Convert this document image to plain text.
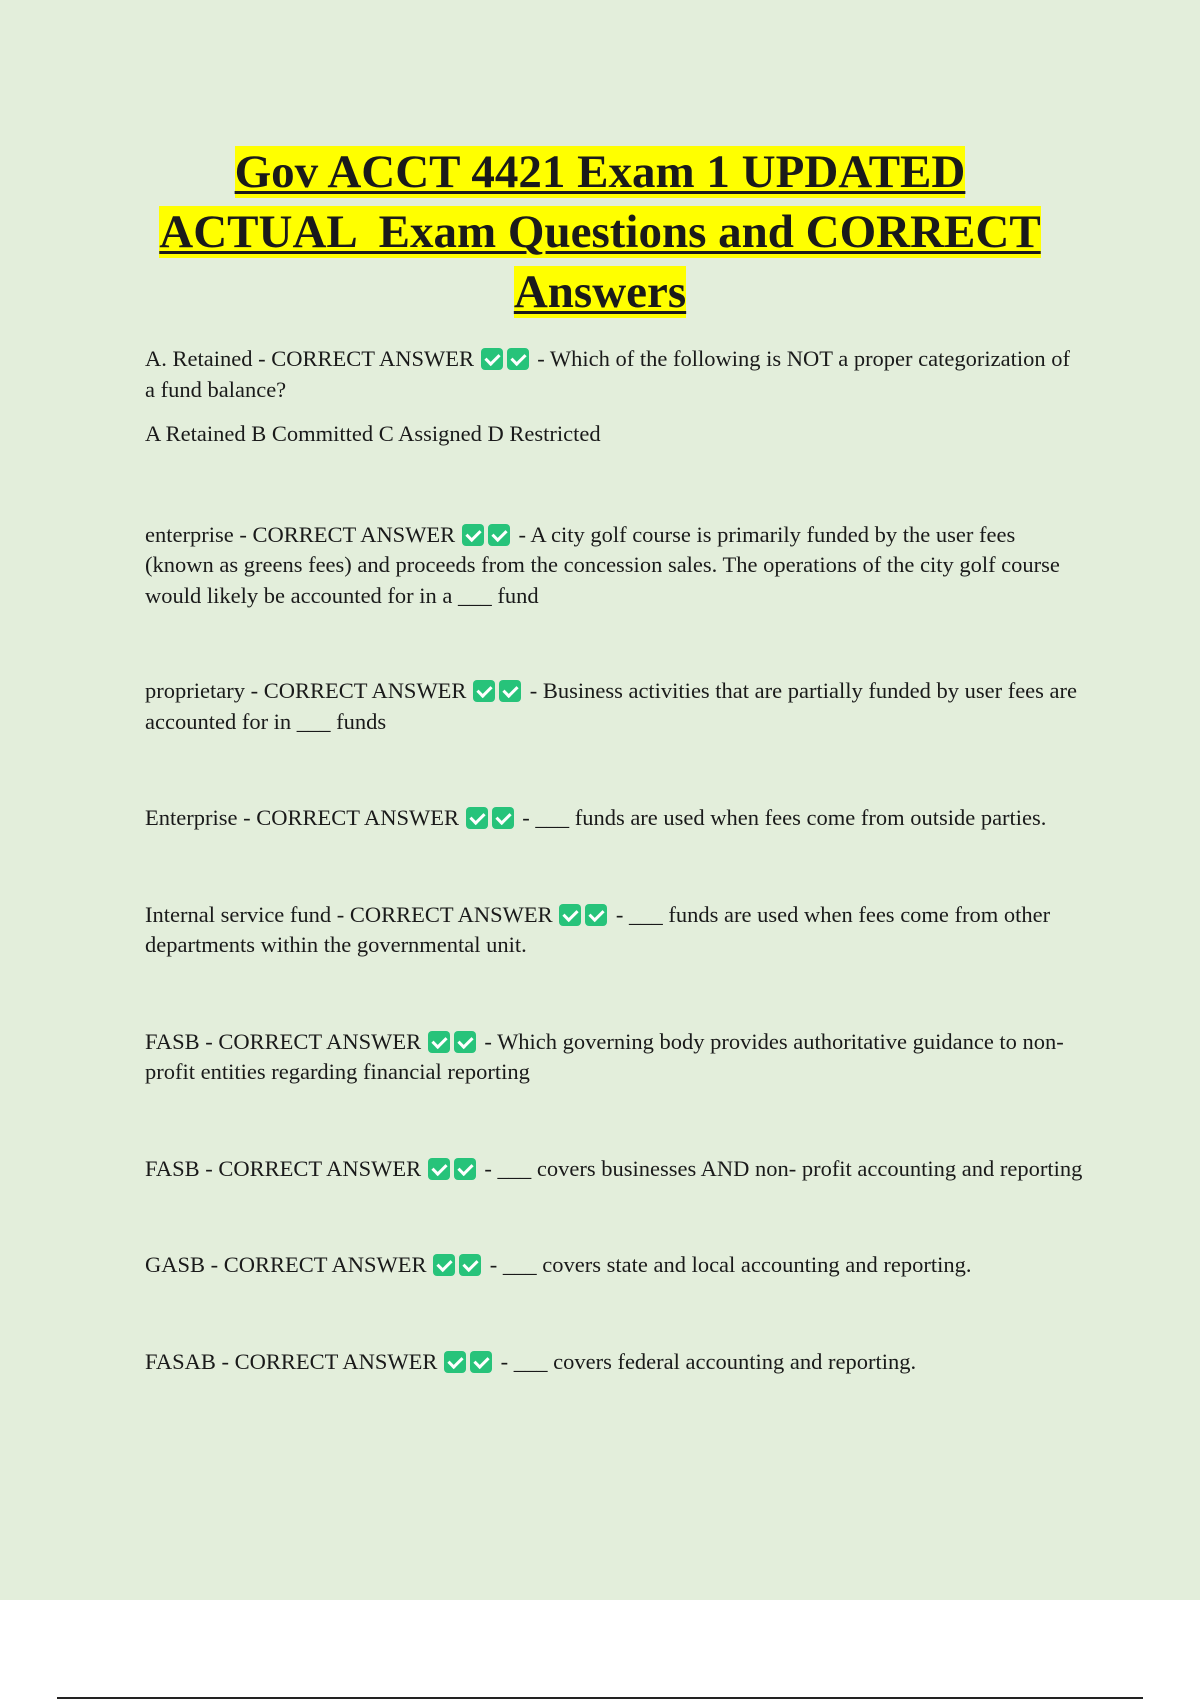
Gov ACCT 4421 Exam 1 UPDATED
ACTUAL  Exam Questions and CORRECT
Answers
A. Retained - CORRECT ANSWER	- Which of the following is NOT a proper categorization of a fund balance?
A Retained B Committed C Assigned D Restricted
enterprise - CORRECT ANSWER	- A city golf course is primarily funded by the user fees (known as greens fees) and proceeds from the concession sales. The operations of the city golf course would likely be accounted for in a ___ fund
proprietary - CORRECT ANSWER	- Business activities that are partially funded by user fees are accounted for in ___ funds
Enterprise - CORRECT ANSWER	- ___ funds are used when fees come from outside parties.
Internal service fund - CORRECT ANSWER	- ___ funds are used when fees come from other departments within the governmental unit.
FASB - CORRECT ANSWER	- Which governing body provides authoritative guidance to non-profit entities regarding financial reporting
FASB - CORRECT ANSWER	- ___ covers businesses AND non- profit accounting and reporting
GASB - CORRECT ANSWER	- ___ covers state and local accounting and reporting.
FASAB - CORRECT ANSWER	- ___ covers federal accounting and reporting.
